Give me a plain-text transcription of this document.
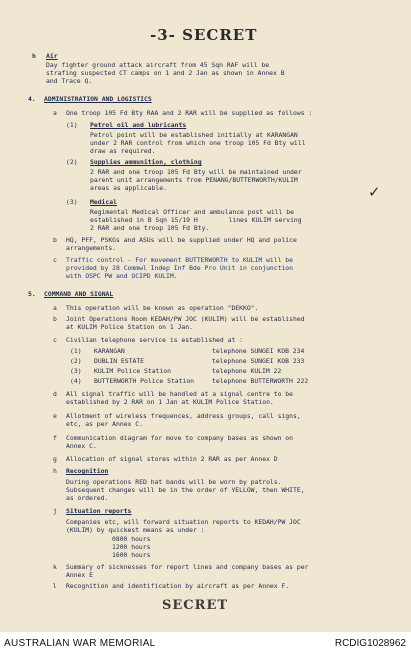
-3- SECRET
h Air
Day fighter ground attack aircraft from 45 Sqn RAF will be
strafing suspected CT camps on 1 and 2 Jan as shown in Annex B
and Trace Q.
4. ADMINISTRATION AND LOGISTICS
a One troop 105 Fd Bty RAA and 2 RAR will be supplied as follows :
(1) Petrol oil and lubricants
Petrol point will be established initially at KARANGAN
under 2 RAR control from which one troop 105 Fd Bty will
draw as required.
(2) Supplies ammunition, clothing
2 RAR and one troop 105 Fd Bty will be maintained under
parent unit arrangements from PENANG/BUTTERWORTH/KULIM
areas as applicable.
(3) Medical
Regimental Medical Officer and ambulance post will be
established in B Sqn 15/19 H        lines KULIM serving
2 RAR and one troop 105 Fd Bty.
b HQ, PFF, PSKGs and ASUs will be supplied under HQ and police
arrangements.
c Traffic control - For movement BUTTERWORTH to KULIM will be
provided by 28 Commwl Indep Inf Bde Pro Unit in conjunction
with OSPC PW and OCIPD KULIM.
5. COMMAND AND SIGNAL
a This operation will be known as operation "DEKKO".
b Joint Operations Room KEDAH/PW JOC (KULIM) will be established
at KULIM Police Station on 1 Jan.
c Civilian telephone service is established at :
(1) KARANGAN	telephone SUNGEI KOB 234
(2) DUBLIN ESTATE	telephone SUNGEI KOB 233
(3) KULIM Police Station	telephone KULIM 22
(4) BUTTERWORTH Police Station	telephone BUTTERWORTH 222
d All signal traffic will be handled at a signal centre to be
established by 2 RAR on 1 Jan at KULIM Police Station.
e Allotment of wireless frequences, address groups, call signs,
etc, as per Annex C.
f Communication diagram for move to company bases as shown on
Annex C.
g Allocation of signal stores within 2 RAR as per Annex D
h Recognition
During operations RED hat bands will be worn by patrols.
Subsequent changes will be in the order of YELLOW, then WHITE,
as ordered.
j Situation reports
Companies etc, will forward situation reports to KEDAH/PW JOC
(KULIM) by quickest means as under :
0800 hours
1200 hours
1600 hours
k Summary of sicknesses for report lines and company bases as per
Annex E
l Recognition and identification by aircraft as per Annex F.
✓
SECRET
AUSTRALIAN WAR MEMORIAL	RCDIG1028962
